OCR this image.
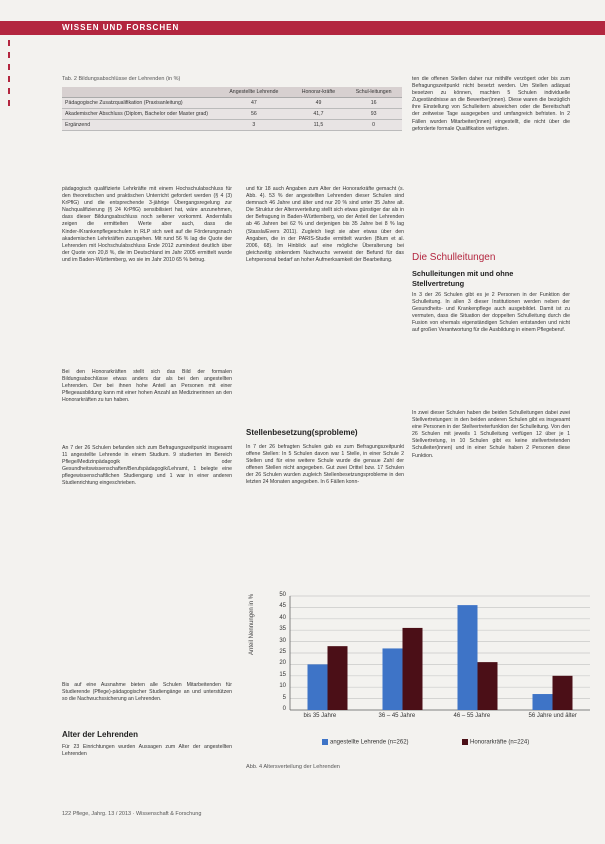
WISSEN UND FORSCHEN
Tab. 2 Bildungsabschlüsse der Lehrenden (in %)
	Angestellte Lehrende	Honorar-kräfte	Schul-leitungen
Pädagogische Zusatzqualifikation (Praxisanleitung)	47	49	16
Akademischer Abschluss (Diplom, Bachelor oder Master grad)	56	41,7	93
Ergänzend	3	11,5	0
pädagogisch qualifizierte Lehrkräfte mit einem Hochschulabschluss für den theoretischen und praktischen Unterricht gefordert werden (§ 4 (3) KrPflG) und die entsprechende 3-jährige Übergangsregelung zur Nachqualifizierung (§ 24 KrPflG) sensibilisiert hat, wäre anzunehmen, dass dieser Bildungsabschluss noch seltener vorkommt. Andernfalls zeigen die ermittelten Werte aber auch, dass die Kinder-/Krankenpflegeschulen in RLP sich weit auf die Förderungsnach akademischen Lehrkräften zuzugehen. Mit rund 56 % lag die Quote der Lehrenden mit Hochschulabschluss Ende 2012 zumindest deutlich über der Quote von 20,8 %, die im Deutschland im Jahr 2005 ermittelt wurde und im Baden-Württemberg, wo sie im Jahr 2010 65 % betrug.
Bei den Honorarkräften stellt sich das Bild der formalen Bildungsabschlüsse etwas anders dar als bei den angestellten Lehrenden. Der bei ihnen hohe Anteil an Personen mit einer Pflegeausbildung kann mit einer hohen Anzahl an Medizinerinnen an den Honorarkräften zu tun haben.
An 7 der 26 Schulen befanden sich zum Befragungszeitpunkt insgesamt 11 angestellte Lehrende in einem Studium. 9 studierten im Bereich Pflege/Medizinpädagogik oder Gesundheitswissenschaften/Berufspädagogik/Lehramt, 1 belegte eine pflegewissenschaftlichen Studiengang und 1 war in einer anderen Studienrichtung eingeschrieben.
Bis auf eine Ausnahme bieten alle Schulen Mitarbeitenden für Studierende (Pflege)-pädagogischer Studiengänge an und unterstützen so die Nachwuchssicherung an Lehrenden.
Alter der Lehrenden
Für 23 Einrichtungen wurden Aussagen zum Alter der angestellten Lehrenden
und für 18 auch Angaben zum Alter der Honorarkräfte gemacht (s. Abb. 4). 53 % der angestellten Lehrenden dieser Schulen sind demnach 46 Jahre und älter und nur 20 % sind unter 35 Jahre alt. Die Struktur der Altersverteilung stellt sich etwas günstiger dar als in der Befragung in Baden-Württemberg, wo der Anteil der Lehrenden ab 46 Jahren bei 62 % und derjenigen bis 35 Jahre bei 8 % lag (Stassla/Evers 2011). Zugleich liegt sie aber etwas über den Angaben, die in der PARIS-Studie ermittelt wurden (Blum et al. 2006, 68). Im Hinblick auf eine mögliche Überalterung bei gleichzeitig sinkendem Nachwuchs verweist der Befund für das Lehrpersonal bedarf an hoher Aufmerksamkeit der Bearbeitung.
Stellenbesetzung(sprobleme)
In 7 der 26 befragten Schulen gab es zum Befragungszeitpunkt offene Stellen: In 5 Schulen davon war 1 Stelle, in einer Schule 2 Stellen und für eine weitere Schule wurde die genaue Zahl der offenen Stellen nicht angegeben. Gut zwei Drittel bzw. 17 Schulen der 26 Schulen wurden zugleich Stellenbesetzungsprobleme in den letzten 24 Monaten angegeben. In 6 Fällen konn-
ten die offenen Stellen daher nur mithilfe verzögert oder bis zum Befragungszeitpunkt nicht besetzt werden. Um Stellen adäquat besetzen zu können, machten 5 Schulen individuelle Zugeständnisse an die Bewerber(innen). Diese waren die bezüglich ihre Einstellung von Schulleitern abweichen oder die Bereitschaft der zeitweise Tage ausgegeben und umfangreich befristen. In 2 Fällen wurden Mitarbeiter(innen) eingestellt, die nicht über die geforderte formale Qualifikation verfügten.
Die Schulleitungen
Schulleitungen mit und ohne Stellvertretung
In 3 der 26 Schulen gibt es je 2 Personen in der Funktion der Schulleitung. In allen 3 dieser Institutionen werden neben der Gesundheits- und Krankenpflege auch ausgebildet. Damit ist zu vermuten, dass die Situation der doppelten Schulleitung durch die Fusion von ehemals eigenständigen Schulen entstanden und nicht auf großen Verantwortung für die Ausbildung in einem Pflegeberuf.
In zwei dieser Schulen haben die beiden Schulleitungen dabei zwei Stellvertretungen: in den beiden anderen Schulen gibt es insgesamt eine Personen in der Stellvertreterfunktion der Schulleitung. Von den 26 Schulen mit jeweils 1 Schulleitung verfügen 12 über je 1 Stellvertretung, in 10 Schulen gibt es keine stellvertretenden Schulleiter(innen) und in einer Schule haben 2 Personen diese Funktion.
Anteil Nennungen in %
0
5
10
15
20
25
30
35
40
45
50
bis 35 Jahre	36 – 45 Jahre	46 – 55 Jahre	56 Jahre und älter
angestellte Lehrende (n=262)	Honorarkräfte (n=224)
Abb. 4 Altersverteilung der Lehrenden
122 Pflege, Jahrg. 13 / 2013 · Wissenschaft & Forschung
